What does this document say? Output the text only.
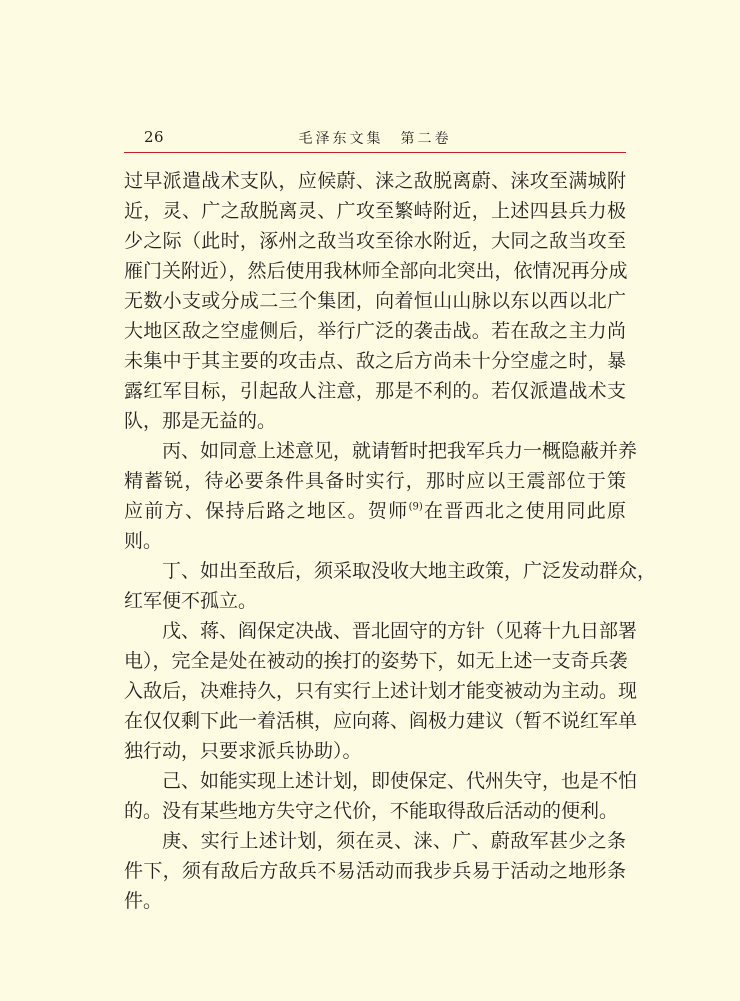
26	毛泽东文集　第二卷
过早派遣战术支队，应候蔚、涞之敌脱离蔚、涞攻至满城附
近，灵、广之敌脱离灵、广攻至繁峙附近，上述四县兵力极
少之际（此时，涿州之敌当攻至徐水附近，大同之敌当攻至
雁门关附近），然后使用我林师全部向北突出，依情况再分成
无数小支或分成二三个集团，向着恒山山脉以东以西以北广
大地区敌之空虚侧后，举行广泛的袭击战。若在敌之主力尚
未集中于其主要的攻击点、敌之后方尚未十分空虚之时，暴
露红军目标，引起敌人注意，那是不利的。若仅派遣战术支
队，那是无益的。
丙、如同意上述意见，就请暂时把我军兵力一概隐蔽并养
精蓄锐，待必要条件具备时实行，那时应以王震部位于策
应前方、保持后路之地区。贺师$^{(9)}$在晋西北之使用同此原
则。
丁、如出至敌后，须采取没收大地主政策，广泛发动群众，
红军便不孤立。
戊、蒋、阎保定决战、晋北固守的方针（见蒋十九日部署
电），完全是处在被动的挨打的姿势下，如无上述一支奇兵袭
入敌后，决难持久，只有实行上述计划才能变被动为主动。现
在仅仅剩下此一着活棋，应向蒋、阎极力建议（暂不说红军单
独行动，只要求派兵协助）。
己、如能实现上述计划，即使保定、代州失守，也是不怕
的。没有某些地方失守之代价，不能取得敌后活动的便利。
庚、实行上述计划，须在灵、涞、广、蔚敌军甚少之条
件下，须有敌后方敌兵不易活动而我步兵易于活动之地形条
件。
